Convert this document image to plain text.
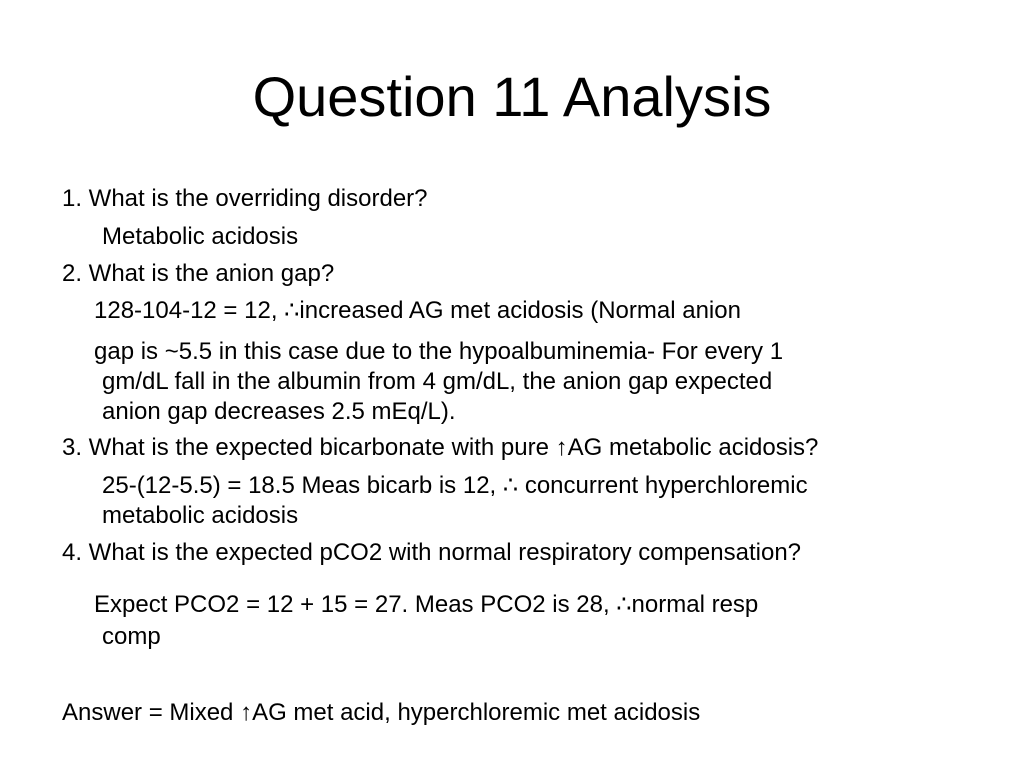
Question 11 Analysis
1. What is the overriding disorder?
Metabolic acidosis
2. What is the anion gap?
128-104-12 = 12, ∴increased AG met acidosis (Normal anion
gap is ~5.5 in this case due to the hypoalbuminemia- For every 1
gm/dL fall in the albumin from 4 gm/dL, the anion gap expected
anion gap decreases 2.5 mEq/L).
3. What is the expected bicarbonate with pure ↑AG metabolic acidosis?
25-(12-5.5) = 18.5 Meas bicarb is 12, ∴ concurrent hyperchloremic
metabolic acidosis
4. What is the expected pCO2 with normal respiratory compensation?
Expect PCO2 = 12 + 15 = 27. Meas PCO2 is 28, ∴normal resp
comp
Answer = Mixed ↑AG met acid, hyperchloremic met acidosis
